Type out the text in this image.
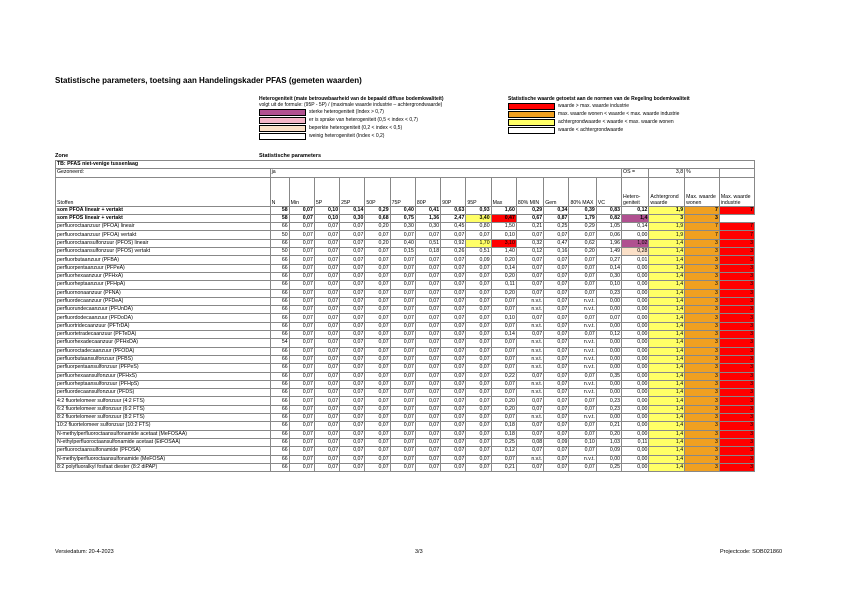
Statistische parameters, toetsing aan Handelingskader PFAS (gemeten waarden)
Heterogeniteit (mate betrouwbaarheid van de bepaald diffuse bodemkwaliteit)
volgt uit de formule: (95P - 5P) / (maximale waarde industrie – achtergrondwaarde)
sterke heterogeniteit (Index > 0,7)
er is sprake van heterogeniteit (0,5 < index < 0,7)
beperkte heterogeniteit (0,2 < index < 0,5)
weinig heterogeniteit (Index < 0,2)
Statistische waarde getoetst aan de normen van de Regeling bodemkwaliteit
waarde > max. waarde industrie
max. waarde wonen < waarde < max. waarde industrie
achtergrondwaarde < waarde < max. waarde wonen
waarde < achtergrondwaarde
Zone	Statistische parameters
TB: PFAS niet-venige tussenlaag																		
Gezoneerd:	ja														OS =	3,8	%	
Stoffen	N	Min	5P	25P	50P	75P	80P	90P	95P	Max	80% MIN	Gem	80% MAX	VC	Hetero-geniteit	Achtergrond waarde	Max. waarde wonen	Max. waarde industrie
som PFOA lineair + vertakt	58	0,07	0,10	0,14	0,29	0,40	0,41	0,63	0,93	1,60	0,29	0,34	0,39	0,83	0,12	1,9	7	7
som PFOS lineair + vertakt	58	0,07	0,10	0,30	0,68	0,75	1,36	2,47	3,40	0,47	0,67	0,87	1,79	0,82	1,4	3	3	
perfluoroctaanzuur (PFOA) lineair	66	0,07	0,07	0,07	0,20	0,30	0,30	0,45	0,80	1,50	0,21	0,25	0,29	1,05	0,14	1,9	7	7
perfluoroctaanzuur (PFOA) vertakt	50	0,07	0,07	0,07	0,07	0,07	0,07	0,07	0,07	0,10	0,07	0,07	0,07	0,06	0,00	1,9	7	7
perfluoroctaansulfonzuur (PFOS) lineair	66	0,07	0,07	0,07	0,20	0,40	0,51	0,92	1,70	3,10	0,32	0,47	0,62	1,96	1,02	1,4	3	3
perfluoroctaansulfonzuur (PFOS) vertakt	50	0,07	0,07	0,07	0,07	0,15	0,18	0,26	0,51	1,40	0,12	0,16	0,20	1,49	0,28	1,4	3	3
perfluorbutaanzuur (PFBA)	66	0,07	0,07	0,07	0,07	0,07	0,07	0,07	0,09	0,20	0,07	0,07	0,07	0,27	0,01	1,4	3	3
perfluorpentaanzuur (PFPeA)	66	0,07	0,07	0,07	0,07	0,07	0,07	0,07	0,07	0,14	0,07	0,07	0,07	0,14	0,00	1,4	3	3
perfluorhexaanzuur (PFHxA)	66	0,07	0,07	0,07	0,07	0,07	0,07	0,07	0,07	0,20	0,07	0,07	0,07	0,30	0,00	1,4	3	3
perfluorheptaanzuur (PFHpA)	66	0,07	0,07	0,07	0,07	0,07	0,07	0,07	0,07	0,11	0,07	0,07	0,07	0,10	0,00	1,4	3	3
perfluornonaanzuur (PFNA)	66	0,07	0,07	0,07	0,07	0,07	0,07	0,07	0,07	0,20	0,07	0,07	0,07	0,23	0,00	1,4	3	3
perfluordecaanzuur (PFDeA)	66	0,07	0,07	0,07	0,07	0,07	0,07	0,07	0,07	0,07	n.v.t.	0,07	n.v.t.	0,00	0,00	1,4	3	3
perfluorundecaanzuur (PFUnDA)	66	0,07	0,07	0,07	0,07	0,07	0,07	0,07	0,07	0,07	n.v.t.	0,07	n.v.t.	0,00	0,00	1,4	3	3
perfluordodecaanzuur (PFDoDA)	66	0,07	0,07	0,07	0,07	0,07	0,07	0,07	0,07	0,10	0,07	0,07	0,07	0,07	0,00	1,4	3	3
perfluortridecaanzuur (PFTrDA)	66	0,07	0,07	0,07	0,07	0,07	0,07	0,07	0,07	0,07	n.v.t.	0,07	n.v.t.	0,00	0,00	1,4	3	3
perfluortetradecaanzuur (PFTeDA)	66	0,07	0,07	0,07	0,07	0,07	0,07	0,07	0,07	0,14	0,07	0,07	0,07	0,12	0,00	1,4	3	3
perfluorhexadecaanzuur (PFHxDA)	54	0,07	0,07	0,07	0,07	0,07	0,07	0,07	0,07	0,07	n.v.t.	0,07	n.v.t.	0,00	0,00	1,4	3	3
perfluoroctadecaanzuur (PFODA)	66	0,07	0,07	0,07	0,07	0,07	0,07	0,07	0,07	0,07	n.v.t.	0,07	n.v.t.	0,00	0,00	1,4	3	3
perfluorbutaansulfonzuur (PFBS)	66	0,07	0,07	0,07	0,07	0,07	0,07	0,07	0,07	0,07	n.v.t.	0,07	n.v.t.	0,00	0,00	1,4	3	3
perfluorpentaansulfonzuur (PFPeS)	66	0,07	0,07	0,07	0,07	0,07	0,07	0,07	0,07	0,07	n.v.t.	0,07	n.v.t.	0,00	0,00	1,4	3	3
perfluorhexaansulfonzuur (PFHxS)	66	0,07	0,07	0,07	0,07	0,07	0,07	0,07	0,07	0,22	0,07	0,07	0,07	0,35	0,00	1,4	3	3
perfluorheptaansulfonzuur (PFHpS)	66	0,07	0,07	0,07	0,07	0,07	0,07	0,07	0,07	0,07	n.v.t.	0,07	n.v.t.	0,00	0,00	1,4	3	3
perfluordecaansulfonzuur (PFDS)	66	0,07	0,07	0,07	0,07	0,07	0,07	0,07	0,07	0,07	n.v.t.	0,07	n.v.t.	0,00	0,00	1,4	3	3
4:2 fluortelomeer sulfonzuur (4:2 FTS)	66	0,07	0,07	0,07	0,07	0,07	0,07	0,07	0,07	0,20	0,07	0,07	0,07	0,23	0,00	1,4	3	3
6:2 fluortelomeer sulfonzuur (6:2 FTS)	66	0,07	0,07	0,07	0,07	0,07	0,07	0,07	0,07	0,20	0,07	0,07	0,07	0,23	0,00	1,4	3	3
8:2 fluortelomeer sulfonzuur (8:2 FTS)	66	0,07	0,07	0,07	0,07	0,07	0,07	0,07	0,07	0,07	n.v.t.	0,07	n.v.t.	0,00	0,00	1,4	3	3
10:2 fluortelomeer sulfonzuur (10:2 FTS)	66	0,07	0,07	0,07	0,07	0,07	0,07	0,07	0,07	0,18	0,07	0,07	0,07	0,21	0,00	1,4	3	3
N-methylperfluoroctaansulfonamide acetaat (MeFOSAA)	66	0,07	0,07	0,07	0,07	0,07	0,07	0,07	0,07	0,18	0,07	0,07	0,07	0,20	0,00	1,4	3	3
N-ethylperfluoroctaansulfonamide acetaat (EtFOSAA)	66	0,07	0,07	0,07	0,07	0,07	0,07	0,07	0,07	0,25	0,08	0,09	0,10	1,03	0,11	1,4	3	3
perfluoroctaansulfonamide (PFOSA)	66	0,07	0,07	0,07	0,07	0,07	0,07	0,07	0,07	0,12	0,07	0,07	0,07	0,09	0,00	1,4	3	3
N-methylperfluoroctaansulfonamide (MeFOSA)	66	0,07	0,07	0,07	0,07	0,07	0,07	0,07	0,07	0,07	n.v.t.	0,07	n.v.t.	0,00	0,00	1,4	3	3
8:2 polyfluoralkyl fosfaat diester (8:2 diPAP)	66	0,07	0,07	0,07	0,07	0,07	0,07	0,07	0,07	0,21	0,07	0,07	0,07	0,25	0,00	1,4	3	3
Versiedatum: 20-4-2023	3/3	Projectcode: SOB021860
